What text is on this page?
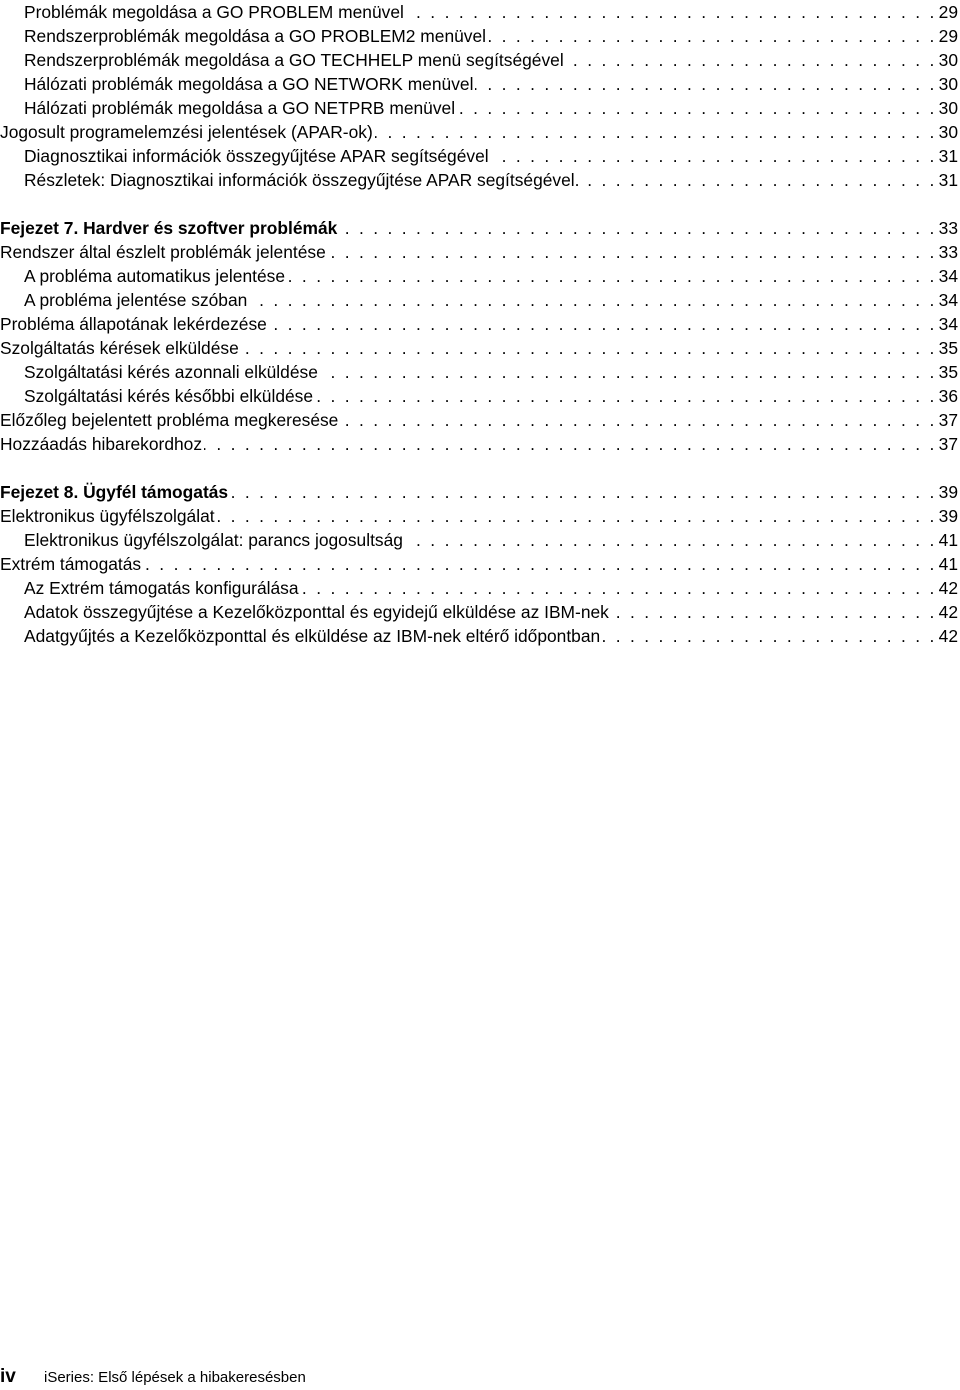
Problémák megoldása a GO PROBLEM menüvel . . .	29
Rendszerproblémák megoldása a GO PROBLEM2 menüvel . . .	29
Rendszerproblémák megoldása a GO TECHHELP menü segítségével . . .	30
Hálózati problémák megoldása a GO NETWORK menüvel . . .	30
Hálózati problémák megoldása a GO NETPRB menüvel . . .	30
Jogosult programelemzési jelentések (APAR-ok) . . .	30
Diagnosztikai információk összegyűjtése APAR segítségével . . .	31
Részletek: Diagnosztikai információk összegyűjtése APAR segítségével. . . .	31
Fejezet 7. Hardver és szoftver problémák . . .	33
Rendszer által észlelt problémák jelentése . . .	33
A probléma automatikus jelentése . . .	34
A probléma jelentése szóban . . .	34
Probléma állapotának lekérdezése . . .	34
Szolgáltatás kérések elküldése . . .	35
Szolgáltatási kérés azonnali elküldése . . .	35
Szolgáltatási kérés későbbi elküldése . . .	36
Előzőleg bejelentett probléma megkeresése . . .	37
Hozzáadás hibarekordhoz . . .	37
Fejezet 8. Ügyfél támogatás . . .	39
Elektronikus ügyfélszolgálat . . .	39
Elektronikus ügyfélszolgálat: parancs jogosultság . . .	41
Extrém támogatás . . .	41
Az Extrém támogatás konfigurálása . . .	42
Adatok összegyűjtése a Kezelőközponttal és egyidejű elküldése az IBM-nek . . .	42
Adatgyűjtés a Kezelőközponttal és elküldése az IBM-nek eltérő időpontban . . .	42
iv	iSeries: Első lépések a hibakeresésben
